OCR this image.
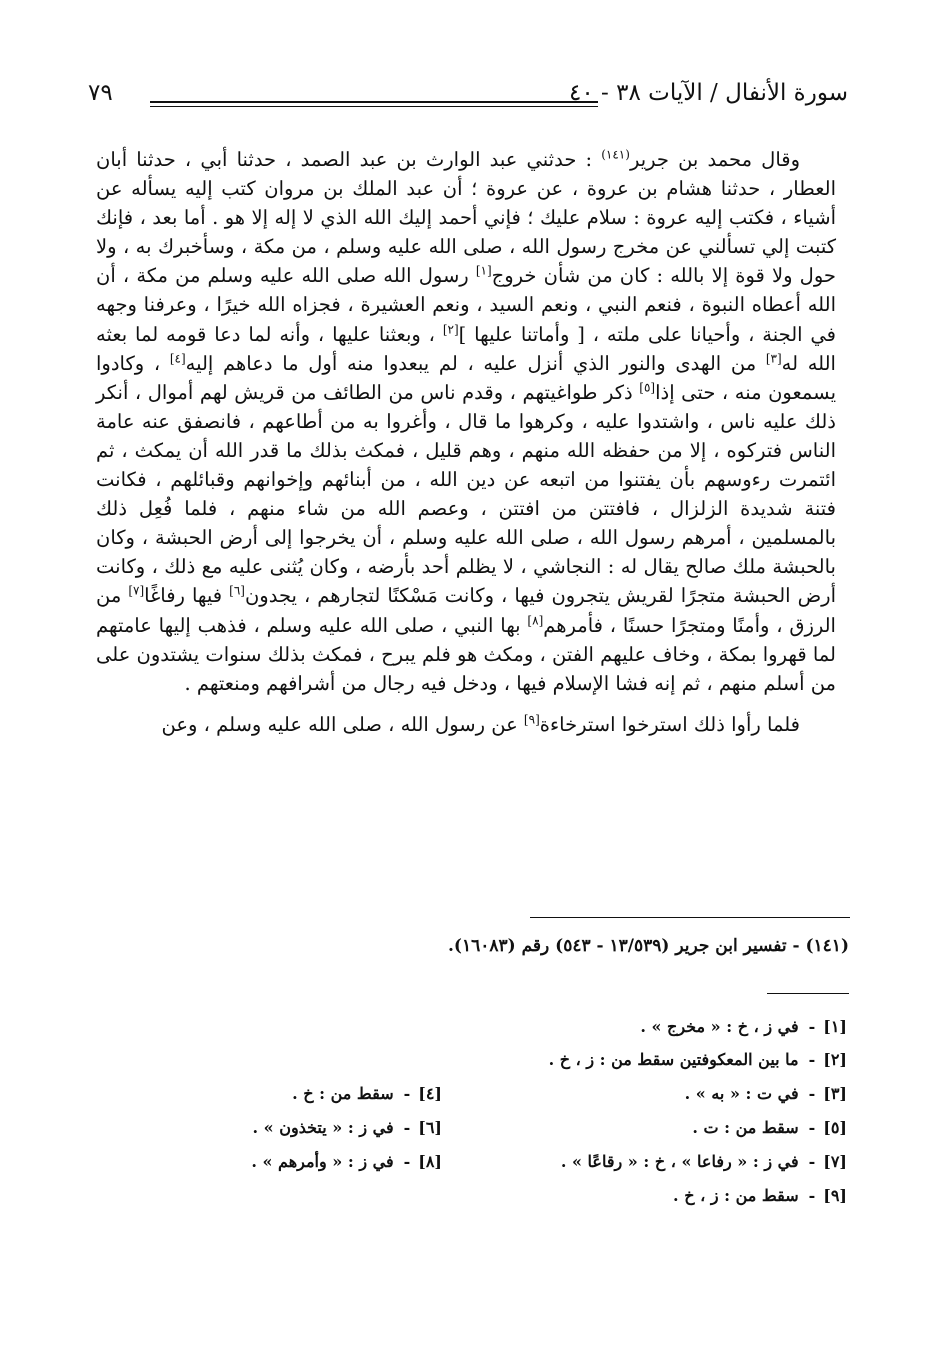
سورة الأنفال / الآيات ٣٨ - ٤٠
٧٩

وقال محمد بن جرير$^{(١٤١)}$ : حدثني عبد الوارث بن عبد الصمد ، حدثنا أبي ، حدثنا أبان العطار ، حدثنا هشام بن عروة ، عن عروة ؛ أن عبد الملك بن مروان كتب إليه يسأله عن أشياء ، فكتب إليه عروة : سلام عليك ؛ فإني أحمد إليك الله الذي لا إله إلا هو . أما بعد ، فإنك كتبت إلي تسألني عن مخرج رسول الله ، صلى الله عليه وسلم ، من مكة ، وسأخبرك به ، ولا حول ولا قوة إلا بالله : كان من شأن خروج[١] رسول الله صلى الله عليه وسلم من مكة ، أن الله أعطاه النبوة ، فنعم النبي ، ونعم السيد ، ونعم العشيرة ، فجزاه الله خيرًا ، وعرفنا وجهه في الجنة ، وأحيانا على ملته ، [ وأماتنا عليها ][٢] ، وبعثنا عليها ، وأنه لما دعا قومه لما بعثه الله له[٣] من الهدى والنور الذي أنزل عليه ، لم يبعدوا منه أول ما دعاهم إليه[٤] ، وكادوا يسمعون منه ، حتى إذا[٥] ذكر طواغيتهم ، وقدم ناس من الطائف من قريش لهم أموال ، أنكر ذلك عليه ناس ، واشتدوا عليه ، وكرهوا ما قال ، وأغروا به من أطاعهم ، فانصفق عنه عامة الناس فتركوه ، إلا من حفظه الله منهم ، وهم قليل ، فمكث بذلك ما قدر الله أن يمكث ، ثم ائتمرت رءوسهم بأن يفتنوا من اتبعه عن دين الله ، من أبنائهم وإخوانهم وقبائلهم ، فكانت فتنة شديدة الزلزال ، فافتتن من افتتن ، وعصم الله من شاء منهم ، فلما فُعِل ذلك بالمسلمين ، أمرهم رسول الله ، صلى الله عليه وسلم ، أن يخرجوا إلى أرض الحبشة ، وكان بالحبشة ملك صالح يقال له : النجاشي ، لا يظلم أحد بأرضه ، وكان يُثنى عليه مع ذلك ، وكانت أرض الحبشة متجرًا لقريش يتجرون فيها ، وكانت مَسْكنًا لتجارهم ، يجدون[٦] فيها رفاغًا[٧] من الرزق ، وأمنًا ومتجرًا حسنًا ، فأمرهم[٨] بها النبي ، صلى الله عليه وسلم ، فذهب إليها عامتهم لما قهروا بمكة ، وخاف عليهم الفتن ، ومكث هو فلم يبرح ، فمكث بذلك سنوات يشتدون على من أسلم منهم ، ثم إنه فشا الإسلام فيها ، ودخل فيه رجال من أشرافهم ومنعتهم .

فلما رأوا ذلك استرخوا استرخاءة[٩] عن رسول الله ، صلى الله عليه وسلم ، وعن

(١٤١) - تفسير ابن جرير (١٣/٥٣٩ - ٥٤٣) رقم (١٦٠٨٣).
[١]-في ز ، خ : « مخرج » .
[٢]-ما بين المعكوفتين سقط من : ز ، خ .
[٣]-في ت : « به » .
[٤]-سقط من : خ .
[٥]-سقط من : ت .
[٦]-في ز : « يتخذون » .
[٧]-في ز : « رفاعا » ، خ : « رقاعًا » .
[٨]-في ز : « وأمرهم » .
[٩]-سقط من : ز ، خ .
